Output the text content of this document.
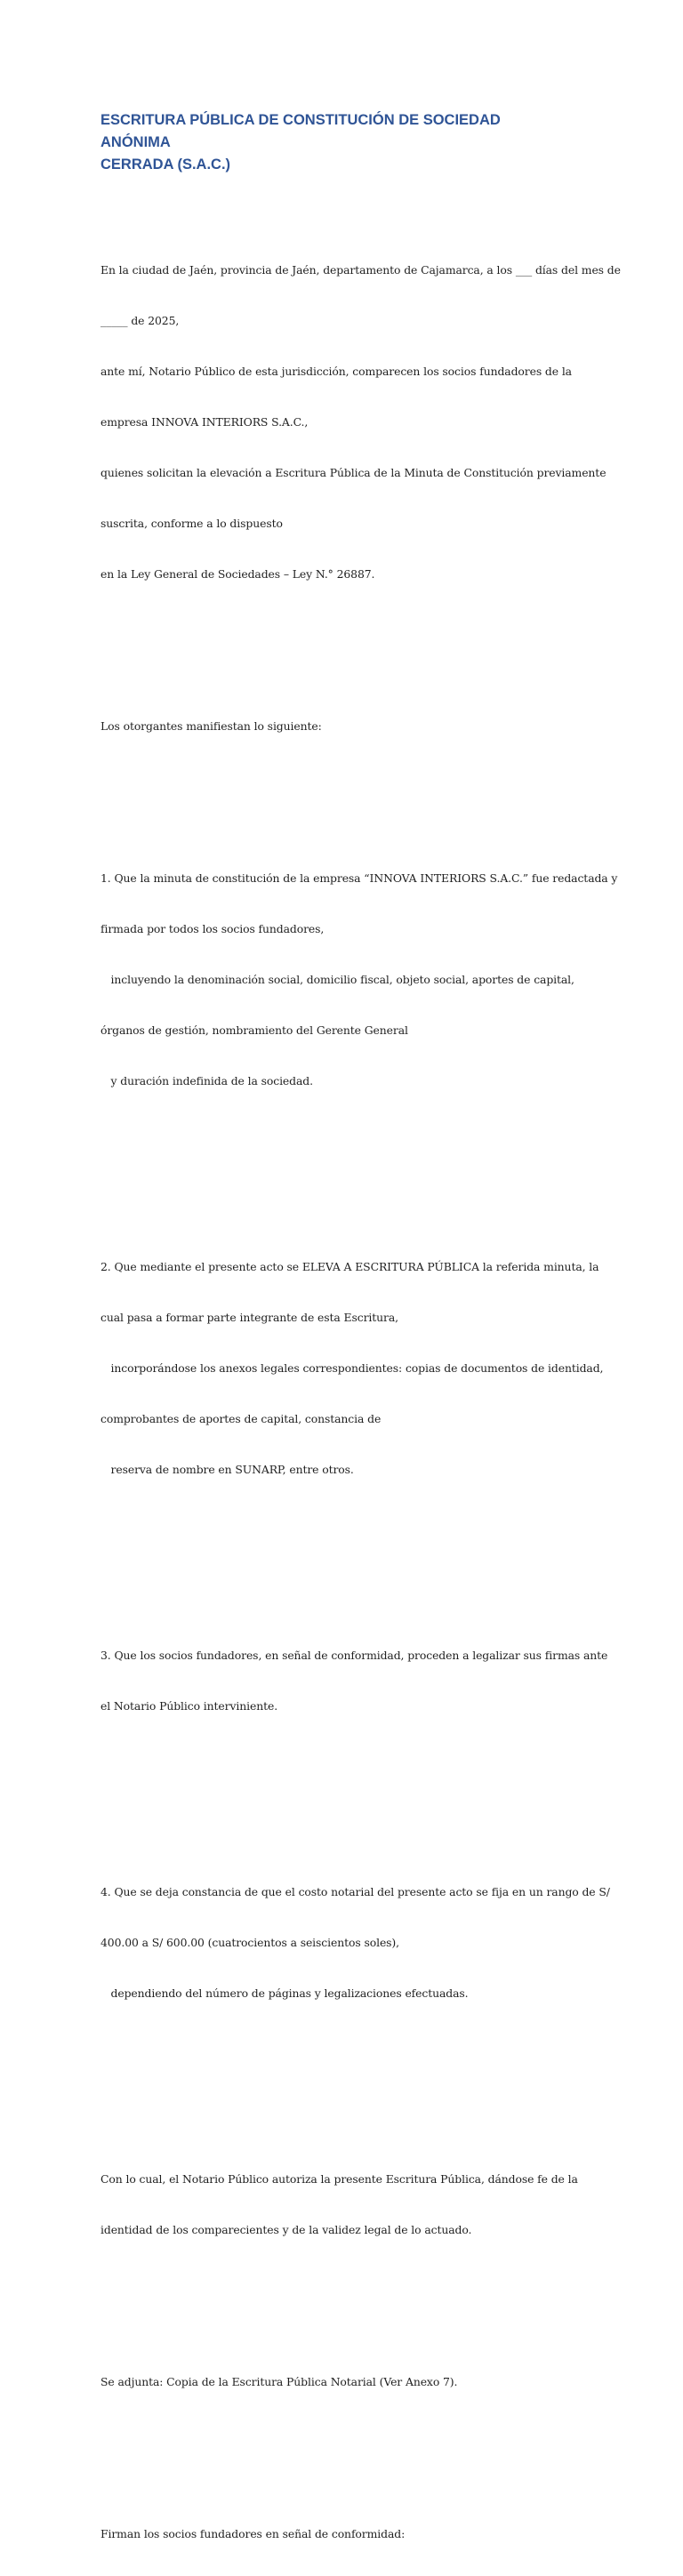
ESCRITURA PÚBLICA DE CONSTITUCIÓN DE SOCIEDAD ANÓNIMA
CERRADA (S.A.C.)

En la ciudad de Jaén, provincia de Jaén, departamento de Cajamarca, a los ___ días del mes de

_____ de 2025,

ante mí, Notario Público de esta jurisdicción, comparecen los socios fundadores de la

empresa INNOVA INTERIORS S.A.C.,

quienes solicitan la elevación a Escritura Pública de la Minuta de Constitución previamente

suscrita, conforme a lo dispuesto

en la Ley General de Sociedades – Ley N.° 26887.

Los otorgantes manifiestan lo siguiente:

1. Que la minuta de constitución de la empresa “INNOVA INTERIORS S.A.C.” fue redactada y

firmada por todos los socios fundadores,

incluyendo la denominación social, domicilio fiscal, objeto social, aportes de capital,

órganos de gestión, nombramiento del Gerente General

y duración indefinida de la sociedad.

2. Que mediante el presente acto se ELEVA A ESCRITURA PÚBLICA la referida minuta, la

cual pasa a formar parte integrante de esta Escritura,

incorporándose los anexos legales correspondientes: copias de documentos de identidad,

comprobantes de aportes de capital, constancia de

reserva de nombre en SUNARP, entre otros.

3. Que los socios fundadores, en señal de conformidad, proceden a legalizar sus firmas ante

el Notario Público interviniente.

4. Que se deja constancia de que el costo notarial del presente acto se fija en un rango de S/

400.00 a S/ 600.00 (cuatrocientos a seiscientos soles),

dependiendo del número de páginas y legalizaciones efectuadas.

Con lo cual, el Notario Público autoriza la presente Escritura Pública, dándose fe de la

identidad de los comparecientes y de la validez legal de lo actuado.

Se adjunta: Copia de la Escritura Pública Notarial (Ver Anexo 7).

Firman los socios fundadores en señal de conformidad:
